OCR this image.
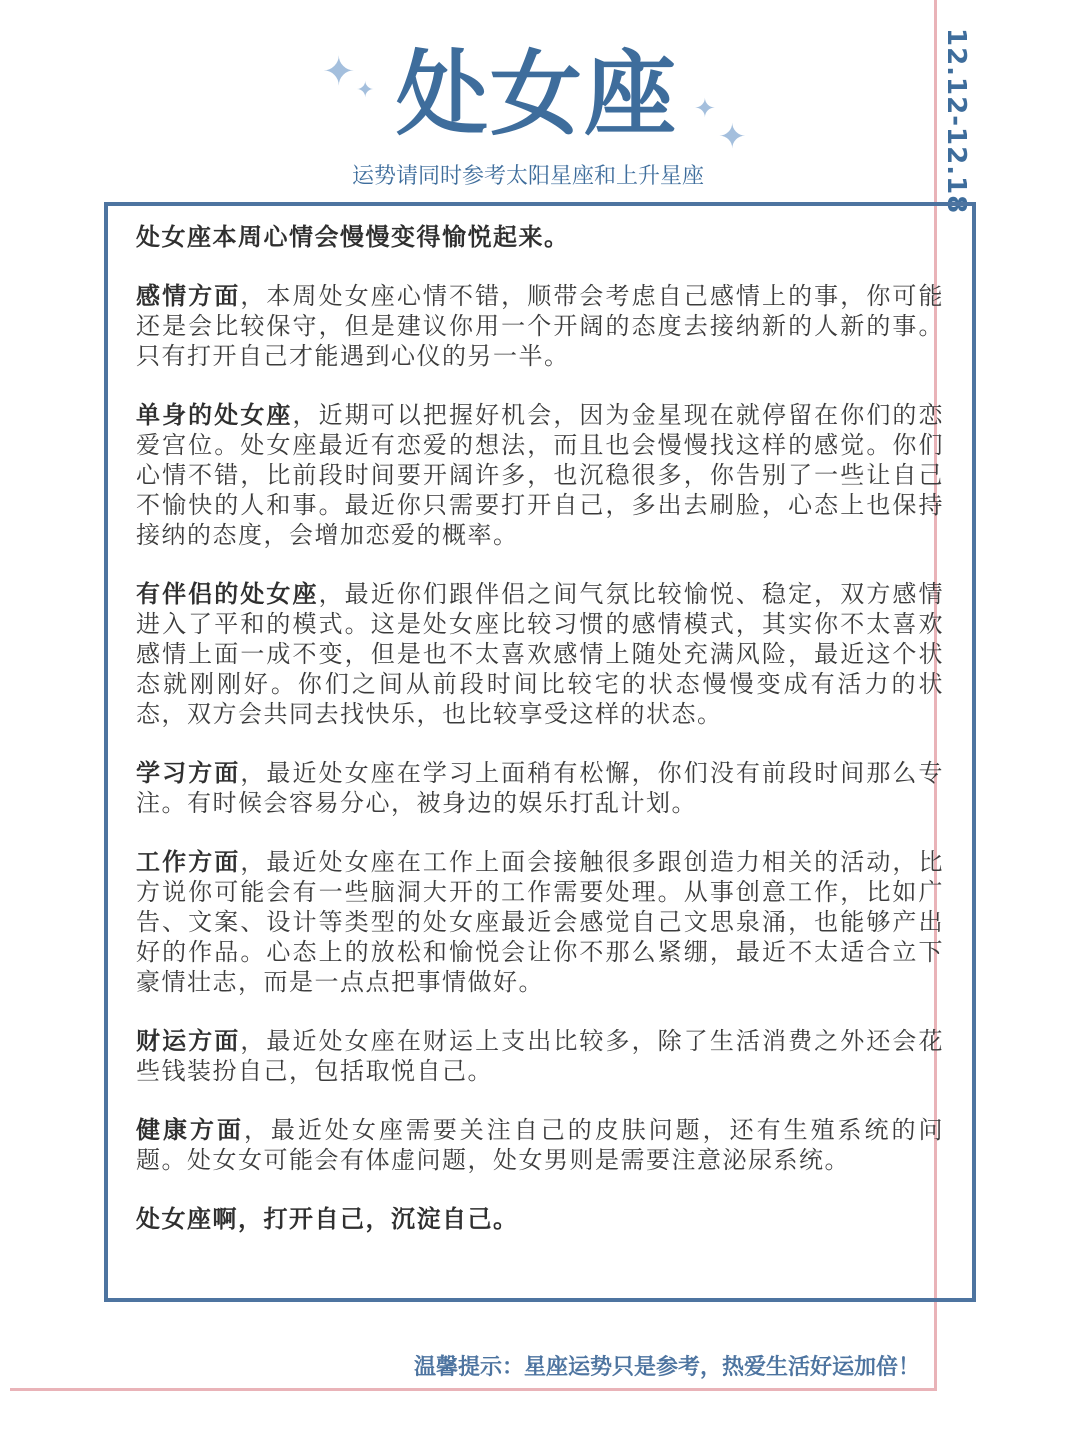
✦ ✦
✦
✦
处女座
运势请同时参考太阳星座和上升星座	12.12-12.18

处女座本周心情会慢慢变得愉悦起来。

感情方面，本周处女座心情不错，顺带会考虑自己感情上的事，你可能还是会比较保守，但是建议你用一个开阔的态度去接纳新的人新的事。只有打开自己才能遇到心仪的另一半。

单身的处女座，近期可以把握好机会，因为金星现在就停留在你们的恋爱宫位。处女座最近有恋爱的想法，而且也会慢慢找这样的感觉。你们心情不错，比前段时间要开阔许多，也沉稳很多，你告别了一些让自己不愉快的人和事。最近你只需要打开自己，多出去刷脸，心态上也保持接纳的态度，会增加恋爱的概率。

有伴侣的处女座，最近你们跟伴侣之间气氛比较愉悦、稳定，双方感情进入了平和的模式。这是处女座比较习惯的感情模式，其实你不太喜欢感情上面一成不变，但是也不太喜欢感情上随处充满风险，最近这个状态就刚刚好。你们之间从前段时间比较宅的状态慢慢变成有活力的状态，双方会共同去找快乐，也比较享受这样的状态。

学习方面，最近处女座在学习上面稍有松懈，你们没有前段时间那么专注。有时候会容易分心，被身边的娱乐打乱计划。

工作方面，最近处女座在工作上面会接触很多跟创造力相关的活动，比方说你可能会有一些脑洞大开的工作需要处理。从事创意工作，比如广告、文案、设计等类型的处女座最近会感觉自己文思泉涌，也能够产出好的作品。心态上的放松和愉悦会让你不那么紧绷，最近不太适合立下豪情壮志，而是一点点把事情做好。

财运方面，最近处女座在财运上支出比较多，除了生活消费之外还会花些钱装扮自己，包括取悦自己。

健康方面，最近处女座需要关注自己的皮肤问题，还有生殖系统的问题。处女女可能会有体虚问题，处女男则是需要注意泌尿系统。

处女座啊，打开自己，沉淀自己。

温馨提示：星座运势只是参考，热爱生活好运加倍！
